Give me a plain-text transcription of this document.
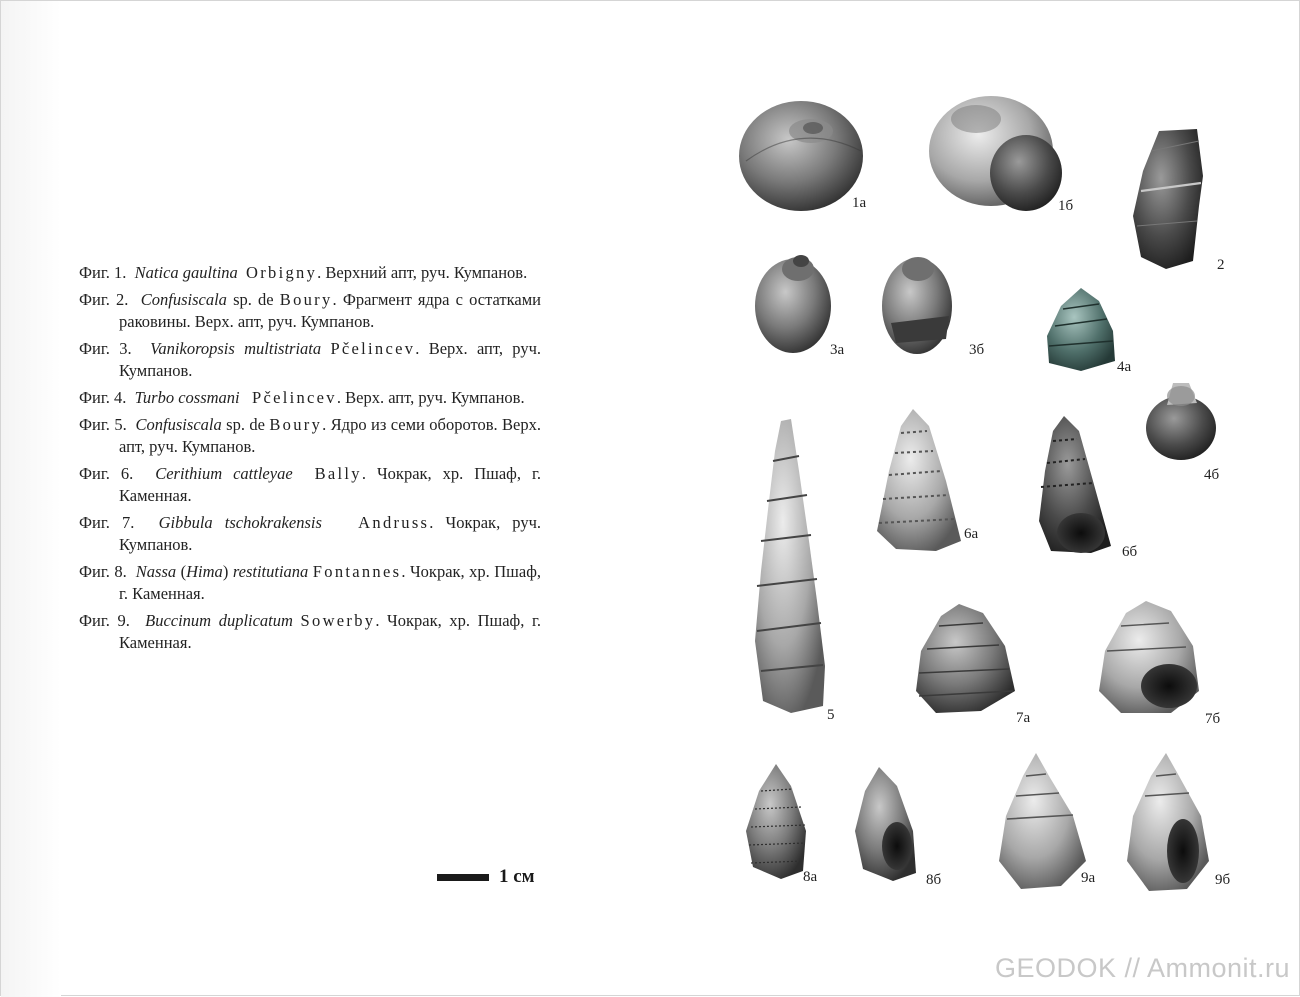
Фиг. 1. Natica gaultina Orbigny. Верхний апт, руч. Кумпанов.
Фиг. 2. Confusiscala sp. de Boury. Фрагмент ядра с остатками раковины. Верх. апт, руч. Кумпанов.
Фиг. 3. Vanikoropsis multistriata Pčelincev. Верх. апт, руч. Кумпанов.
Фиг. 4. Turbo cossmani Pčelincev. Верх. апт, руч. Кумпанов.
Фиг. 5. Confusiscala sp. de Boury. Ядро из семи оборотов. Верх. апт, руч. Кумпанов.
Фиг. 6. Cerithium cattleyae Bally. Чокрак, хр. Пшаф, г. Каменная.
Фиг. 7. Gibbula tschokrakensis Andruss. Чокрак, руч. Кумпанов.
Фиг. 8. Nassa (Hima) restitutiana Fontannes. Чокрак, хр. Пшаф, г. Каменная.
Фиг. 9. Buccinum duplicatum Sowerby. Чокрак, хр. Пшаф, г. Каменная.
1 см
1а	1б
2
3а	3б
4а
4б
6а
6б
5	7а	7б
8а	8б	9а	9б
GEODOK // Ammonit.ru
